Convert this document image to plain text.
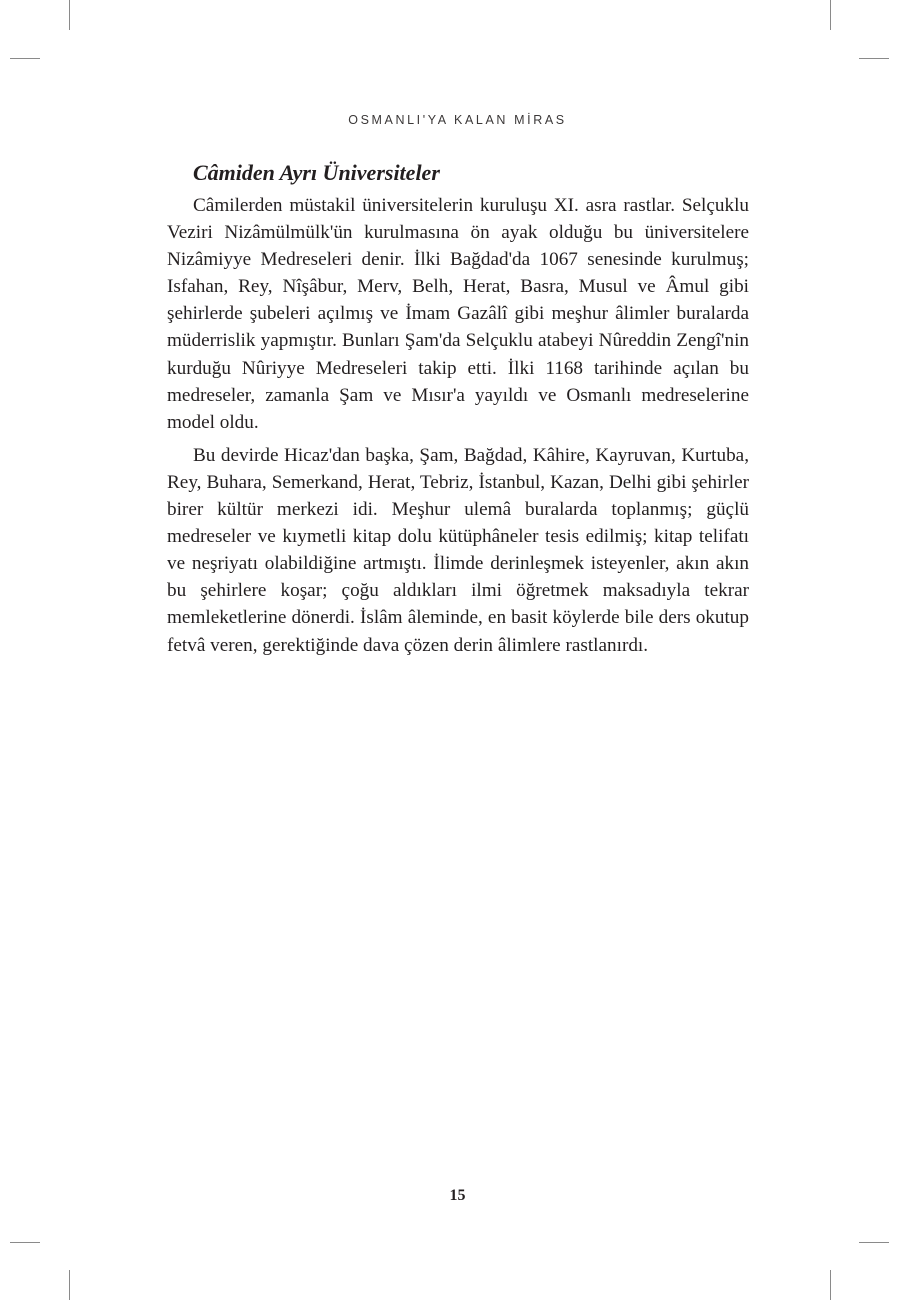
OSMANLI'YA KALAN MİRAS
Câmiden Ayrı Üniversiteler

Câmilerden müstakil üniversitelerin kuruluşu XI. asra rastlar. Selçuklu Veziri Nizâmülmülk'ün kurulmasına ön ayak olduğu bu üniversitelere Nizâmiyye Medreseleri denir. İlki Bağdad'da 1067 senesinde kurulmuş; Isfahan, Rey, Nîşâbur, Merv, Belh, Herat, Basra, Musul ve Âmul gibi şehirlerde şubeleri açılmış ve İmam Gazâlî gibi meşhur âlimler buralarda müderrislik yapmıştır. Bunları Şam'da Selçuklu atabeyi Nûreddin Zengî'nin kurduğu Nûriyye Medreseleri takip etti. İlki 1168 tarihinde açılan bu medreseler, zamanla Şam ve Mısır'a yayıldı ve Osmanlı medreselerine model oldu.

Bu devirde Hicaz'dan başka, Şam, Bağdad, Kâhire, Kayruvan, Kurtuba, Rey, Buhara, Semerkand, Herat, Tebriz, İstanbul, Kazan, Delhi gibi şehirler birer kültür merkezi idi. Meşhur ulemâ buralarda toplanmış; güçlü medreseler ve kıymetli kitap dolu kütüphâneler tesis edilmiş; kitap telifatı ve neşriyatı olabildiğine artmıştı. İlimde derinleşmek isteyenler, akın akın bu şehirlere koşar; çoğu aldıkları ilmi öğretmek maksadıyla tekrar memleketlerine dönerdi. İslâm âleminde, en basit köylerde bile ders okutup fetvâ veren, gerektiğinde dava çözen derin âlimlere rastlanırdı.

15
